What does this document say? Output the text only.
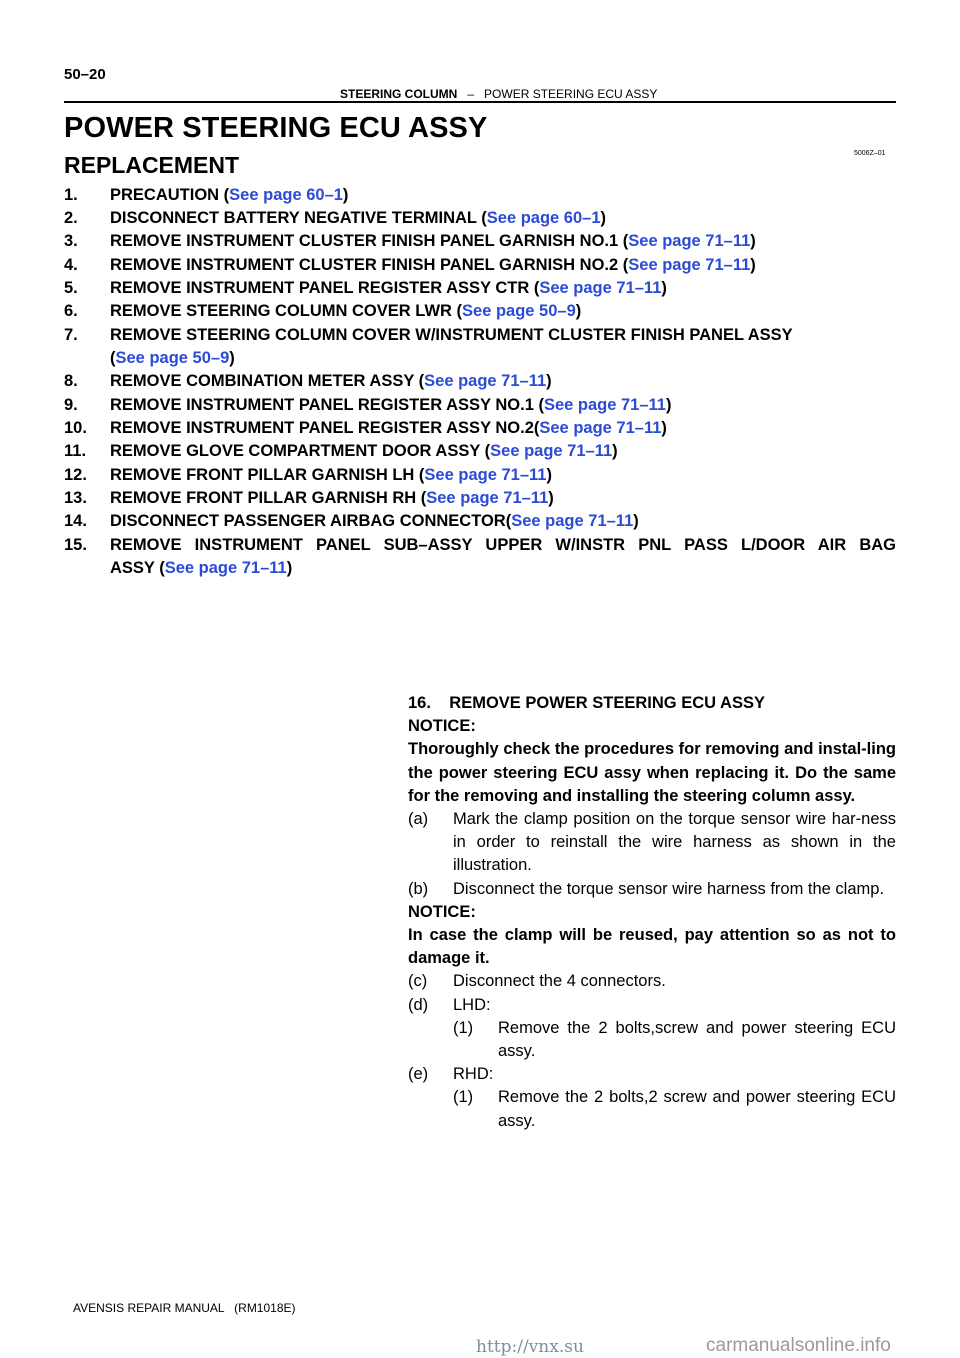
50–20
STEERING COLUMN – POWER STEERING ECU ASSY
POWER STEERING ECU ASSY
REPLACEMENT	5006Z–01
1. PRECAUTION (See page 60–1)
2. DISCONNECT BATTERY NEGATIVE TERMINAL (See page 60–1)
3. REMOVE INSTRUMENT CLUSTER FINISH PANEL GARNISH NO.1 (See page 71–11)
4. REMOVE INSTRUMENT CLUSTER FINISH PANEL GARNISH NO.2 (See page 71–11)
5. REMOVE INSTRUMENT PANEL REGISTER ASSY CTR (See page 71–11)
6. REMOVE STEERING COLUMN COVER LWR (See page 50–9)
7. REMOVE STEERING COLUMN COVER W/INSTRUMENT CLUSTER FINISH PANEL ASSY
(See page 50–9)
8. REMOVE COMBINATION METER ASSY (See page 71–11)
9. REMOVE INSTRUMENT PANEL REGISTER ASSY NO.1 (See page 71–11)
10. REMOVE INSTRUMENT PANEL REGISTER ASSY NO.2(See page 71–11)
11. REMOVE GLOVE COMPARTMENT DOOR ASSY (See page 71–11)
12. REMOVE FRONT PILLAR GARNISH LH (See page 71–11)
13. REMOVE FRONT PILLAR GARNISH RH (See page 71–11)
14. DISCONNECT PASSENGER AIRBAG CONNECTOR(See page 71–11)
15. REMOVE INSTRUMENT PANEL SUB–ASSY UPPER W/INSTR PNL PASS L/DOOR AIR BAG
ASSY (See page 71–11)
16.    REMOVE POWER STEERING ECU ASSY
NOTICE:
Thoroughly check the procedures for removing and instal-ling the power steering ECU assy when replacing it. Do the same for the removing and installing the steering column assy.
(a) Mark the clamp position on the torque sensor wire har-ness in order to reinstall the wire harness as shown in the illustration.
(b) Disconnect the torque sensor wire harness from the clamp.
NOTICE:
In case the clamp will be reused, pay attention so as not to damage it.
(c) Disconnect the 4 connectors.
(d) LHD:
(1) Remove the 2 bolts,screw and power steering ECU assy.
(e) RHD:
(1) Remove the 2 bolts,2 screw and power steering ECU assy.
AVENSIS REPAIR MANUAL   (RM1018E)
http://vnx.su	carmanualsonline.info
